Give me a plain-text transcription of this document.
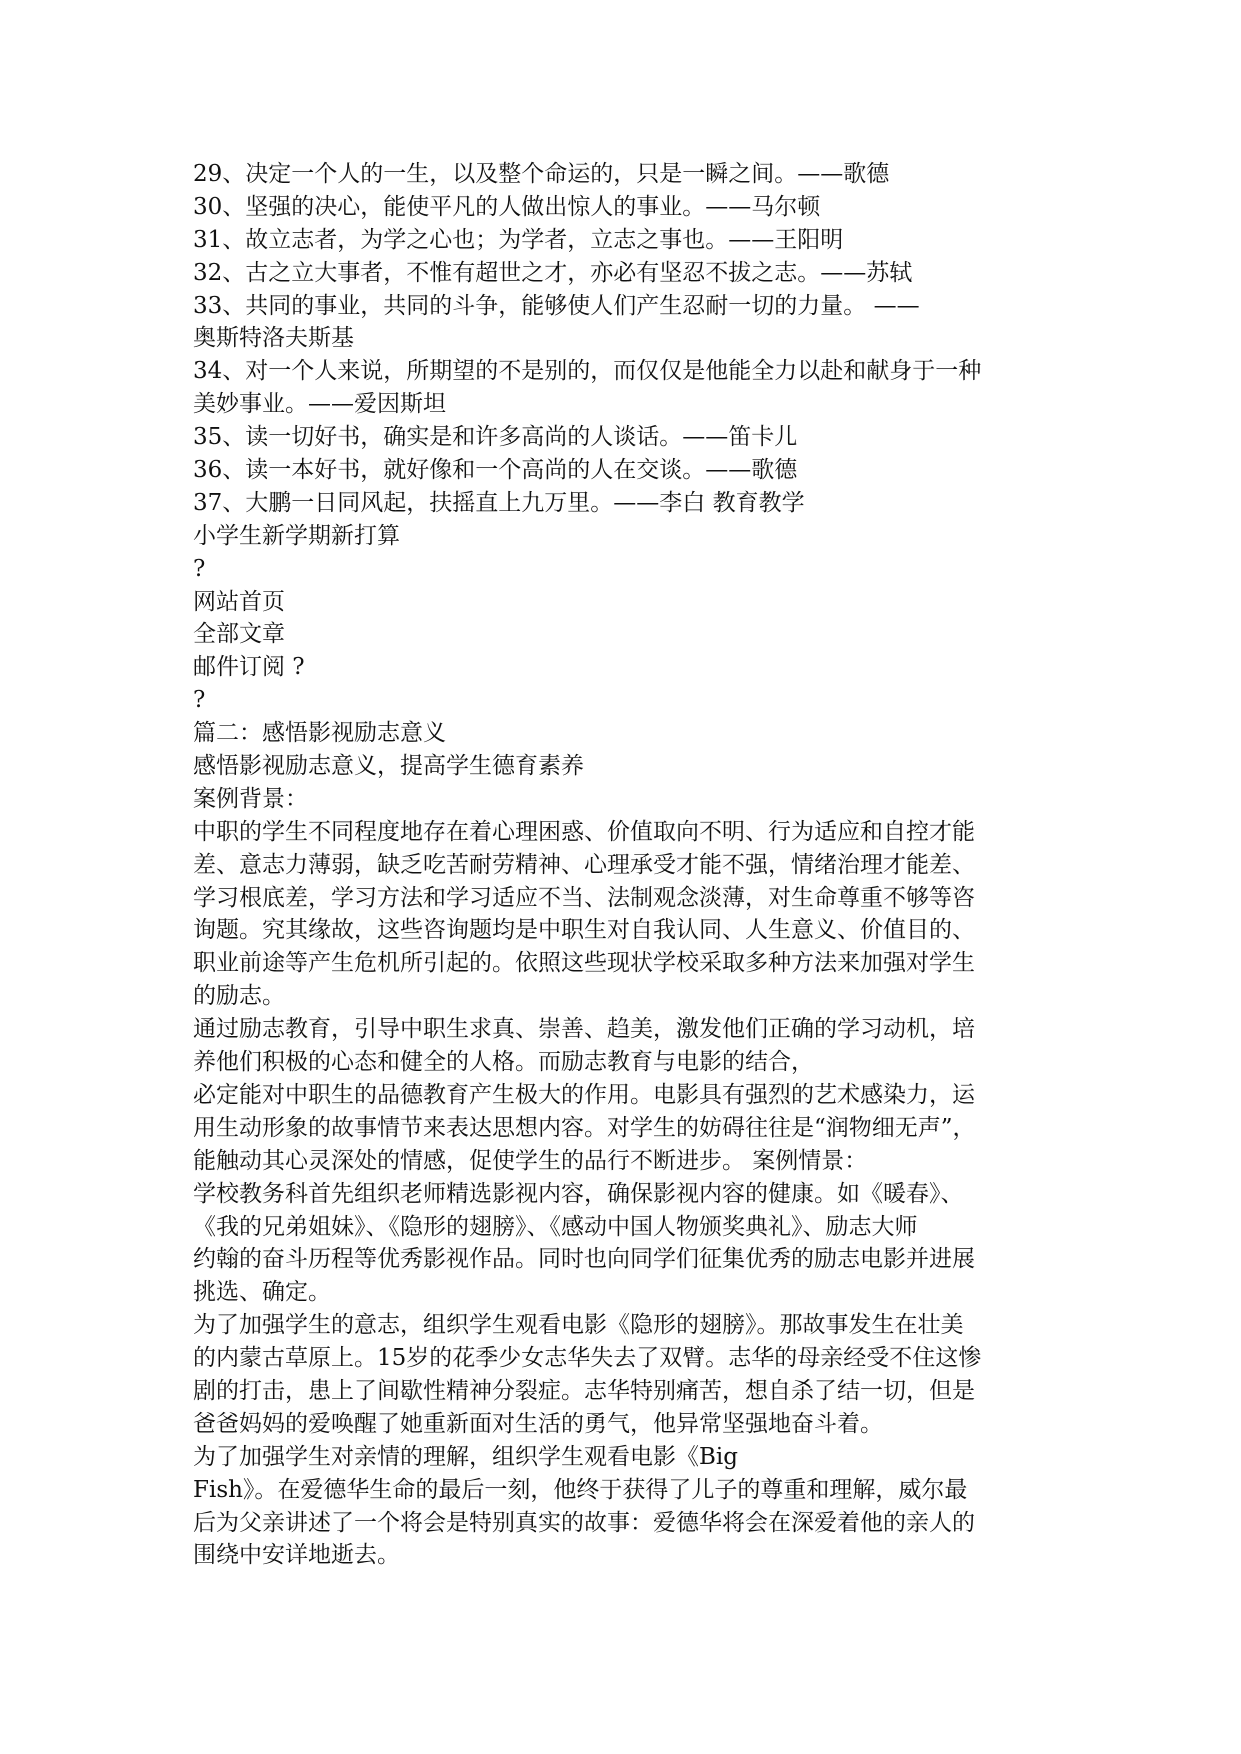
29、决定一个人的一生，以及整个命运的，只是一瞬之间。——歌德
30、坚强的决心，能使平凡的人做出惊人的事业。——马尔顿
31、故立志者，为学之心也；为学者，立志之事也。——王阳明
32、古之立大事者，不惟有超世之才，亦必有坚忍不拔之志。——苏轼
33、共同的事业，共同的斗争，能够使人们产生忍耐一切的力量。 ——
奥斯特洛夫斯基
34、对一个人来说，所期望的不是别的，而仅仅是他能全力以赴和献身于一种
美妙事业。——爱因斯坦
35、读一切好书，确实是和许多高尚的人谈话。——笛卡儿
36、读一本好书，就好像和一个高尚的人在交谈。——歌德
37、大鹏一日同风起，扶摇直上九万里。——李白 教育教学
小学生新学期新打算
?
网站首页
全部文章
邮件订阅 ?
?
篇二：感悟影视励志意义
感悟影视励志意义，提高学生德育素养
案例背景：
中职的学生不同程度地存在着心理困惑、价值取向不明、行为适应和自控才能
差、意志力薄弱，缺乏吃苦耐劳精神、心理承受才能不强，情绪治理才能差、
学习根底差，学习方法和学习适应不当、法制观念淡薄，对生命尊重不够等咨
询题。究其缘故，这些咨询题均是中职生对自我认同、人生意义、价值目的、
职业前途等产生危机所引起的。依照这些现状学校采取多种方法来加强对学生
的励志。
通过励志教育，引导中职生求真、崇善、趋美，激发他们正确的学习动机，培
养他们积极的心态和健全的人格。而励志教育与电影的结合，
必定能对中职生的品德教育产生极大的作用。电影具有强烈的艺术感染力，运
用生动形象的故事情节来表达思想内容。对学生的妨碍往往是“润物细无声”，
能触动其心灵深处的情感，促使学生的品行不断进步。 案例情景：
学校教务科首先组织老师精选影视内容，确保影视内容的健康。如《暖春》、
《我的兄弟姐妹》、《隐形的翅膀》、《感动中国人物颁奖典礼》、励志大师
约翰的奋斗历程等优秀影视作品。同时也向同学们征集优秀的励志电影并进展
挑选、确定。
为了加强学生的意志，组织学生观看电影《隐形的翅膀》。那故事发生在壮美
的内蒙古草原上。15岁的花季少女志华失去了双臂。志华的母亲经受不住这惨
剧的打击，患上了间歇性精神分裂症。志华特别痛苦，想自杀了结一切，但是
爸爸妈妈的爱唤醒了她重新面对生活的勇气，他异常坚强地奋斗着。
为了加强学生对亲情的理解，组织学生观看电影《Big
Fish》。在爱德华生命的最后一刻，他终于获得了儿子的尊重和理解，威尔最
后为父亲讲述了一个将会是特别真实的故事：爱德华将会在深爱着他的亲人的
围绕中安详地逝去。
